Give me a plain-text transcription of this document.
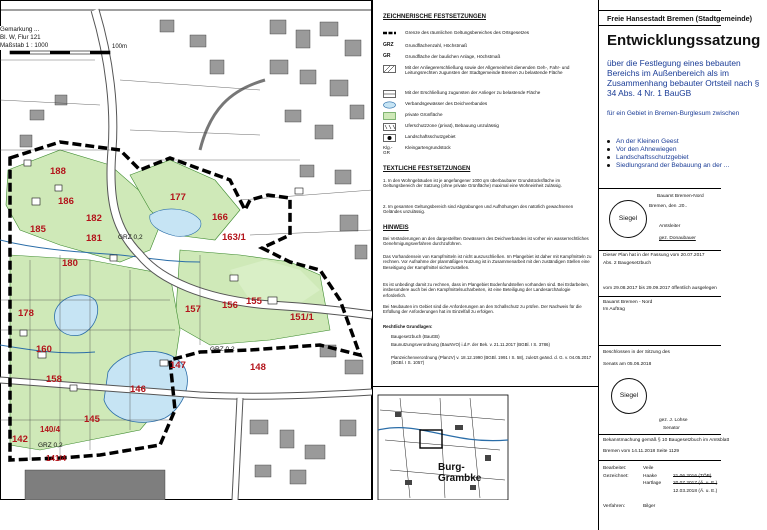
Gemarkung ...
Bl. W, Flur 121
Maßstab 1 : 1000	100m
188
186
185
182
181
180
178
177
166
163/1
160
158
157 156 155
151/1
148
147
146
145
142
141/4
140/4
GRZ 0,2
GRZ 0,2
GRZ 0,2
Burg-Grambke
ZEICHNERISCHE FESTSETZUNGEN
Grenze des räumlichen Geltungsbereiches des Ortsgesetzes
GRZ	Grundflächenzahl, Höchstmaß
GR	Grundfläche der baulichen Anlage, Höchstmaß
Mit der Anliegererschließung sowie der Allgemeinheit dienenden Geh-, Fahr- und Leitungsrechten zugunsten der Stadtgemeinde Bremen zu belastende Fläche
Mit der Erschließung zugunsten der Anlieger zu belastende Fläche
Verbandsgewässer des Deichverbandes
private Grünfläche
Uferschutzzone (privat), Bebauung unzulässig
Landschaftsschutzgebiet
Klg.-GR
Kleingartengrundstück
TEXTLICHE FESTSETZUNGEN
1. In den Wohngebäuden ist je angefangener 1000 qm überbaubarer Grundstücksfläche im Geltungsbereich der Satzung (ohne private Grünfläche) maximal eine Wohneinheit zulässig.
2. Im gesamten Geltungsbereich sind Abgrabungen und Aufhöhungen des natürlich gewachsenen Geländes unzulässig.
HINWEIS
Bei Veränderungen an den dargestellten Gewässern des Deichverbandes ist vorher ein wasserrechtliches Genehmigungsverfahren durchzuführen.
Das Vorhandensein von Kampfmitteln ist nicht auszuschließen. Im Plangebiet ist daher mit Kampfmitteln zu rechnen. Vor Aufnahme der planmäßigen Nutzung ist in Zusammenarbeit mit den zuständigen Stellen eine Beseitigung der Kampfmittel sicherzustellen.
Es ist unbedingt damit zu rechnen, dass im Plangebiet Bodenfundstellen vorhanden sind. Bei Erdarbeiten, insbesondere auch bei den Kampfmittelsucharbeiten, ist eine Beteiligung der Landesarchäologie erforderlich.
Bei Neubauten im Gebiet sind die Anforderungen an den Schallschutz zu prüfen. Der Nachweis für die Erfüllung der Anforderungen hat im Einzelfall zu erfolgen.
Rechtliche Grundlagen:
Baugesetzbuch (BauGB)
Baunutzungsverordnung (BauNVO) i.d.F. der Bek. v. 21.11.2017 (BGBl. I S. 3786)
Planzeichenverordnung (PlanzV) v. 18.12.1990 (BGBl. 1991 I S. 58), zuletzt geänd. d. G. v. 04.05.2017 (BGBl. I S. 1057)
Freie Hansestadt Bremen (Stadtgemeinde)
Entwicklungssatzung
über die Festlegung eines bebauten Bereichs im Außenbereich als im Zusammenhang bebauter Ortsteil nach § 34 Abs. 4 Nr. 1 BauGB
für ein Gebiet in Bremen-Burglesum zwischen
An der Kleinen Geest
Vor den Ahnewiegen
Landschaftsschutzgebiet
Siedlungsrand der Bebauung an der ...
Siegel
Bauamt Bremen-Nord
Bremen, den .20..
Amtsleiter
gez. Donaubauer
Dieser Plan hat in der Fassung vom 20.07.2017
Abs. 2 Baugesetzbuch
vom 29.08.2017 bis 29.09.2017 öffentlich ausgelegen
Bauamt Bremen - Nord
Im Auftrag
Beschlossen in der Sitzung des
Senats am 05.06.2018
Siegel
gez. J. Lohse
Senator
Bekanntmachung gemäß § 10 Baugesetzbuch im Amtsblatt
Bremen vom 14.11.2018 Seite 1129
Bearbeitet:	Veile
Gezeichnet:	Haake	21.06.2016 (TÖB)
Hartlage 20.07.2017 (Ä. u. E.)
12.03.2018 (Ä. u. E.)
Verfahren:	Bilger
